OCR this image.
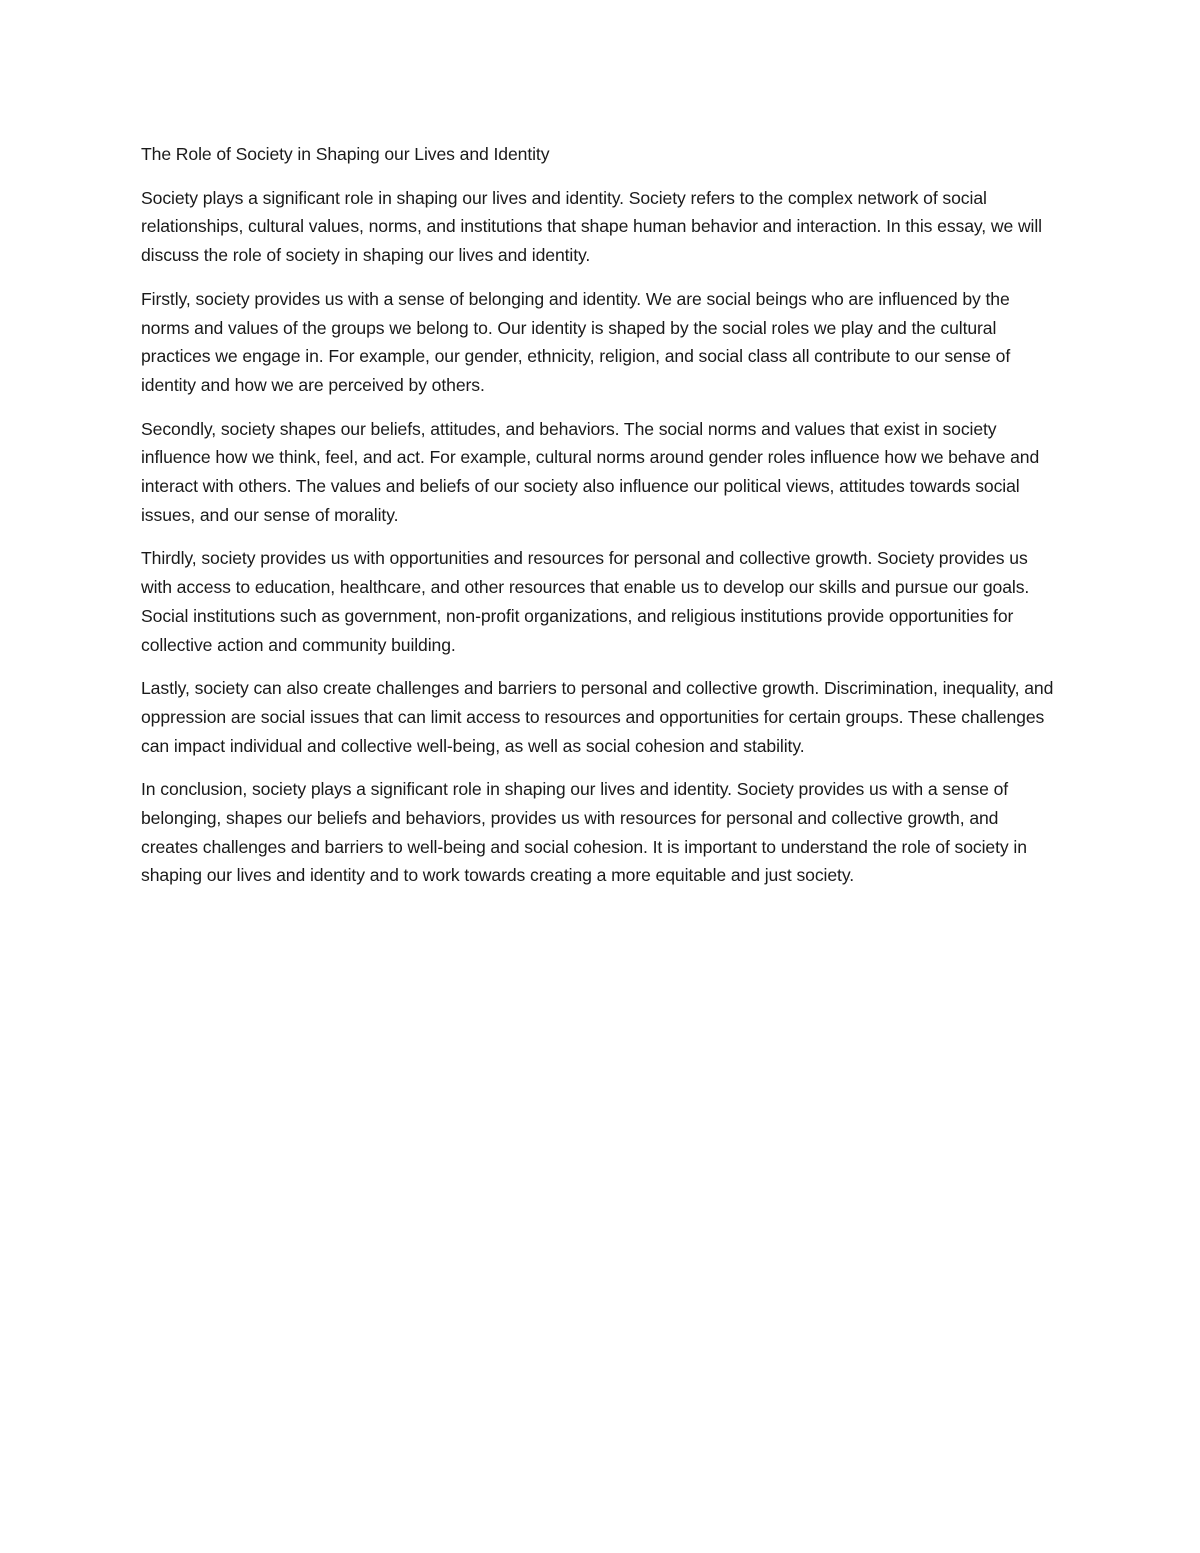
The Role of Society in Shaping our Lives and Identity

Society plays a significant role in shaping our lives and identity. Society refers to the complex network of social relationships, cultural values, norms, and institutions that shape human behavior and interaction. In this essay, we will discuss the role of society in shaping our lives and identity.

Firstly, society provides us with a sense of belonging and identity. We are social beings who are influenced by the norms and values of the groups we belong to. Our identity is shaped by the social roles we play and the cultural practices we engage in. For example, our gender, ethnicity, religion, and social class all contribute to our sense of identity and how we are perceived by others.

Secondly, society shapes our beliefs, attitudes, and behaviors. The social norms and values that exist in society influence how we think, feel, and act. For example, cultural norms around gender roles influence how we behave and interact with others. The values and beliefs of our society also influence our political views, attitudes towards social issues, and our sense of morality.

Thirdly, society provides us with opportunities and resources for personal and collective growth. Society provides us with access to education, healthcare, and other resources that enable us to develop our skills and pursue our goals. Social institutions such as government, non-profit organizations, and religious institutions provide opportunities for collective action and community building.

Lastly, society can also create challenges and barriers to personal and collective growth. Discrimination, inequality, and oppression are social issues that can limit access to resources and opportunities for certain groups. These challenges can impact individual and collective well-being, as well as social cohesion and stability.

In conclusion, society plays a significant role in shaping our lives and identity. Society provides us with a sense of belonging, shapes our beliefs and behaviors, provides us with resources for personal and collective growth, and creates challenges and barriers to well-being and social cohesion. It is important to understand the role of society in shaping our lives and identity and to work towards creating a more equitable and just society.
